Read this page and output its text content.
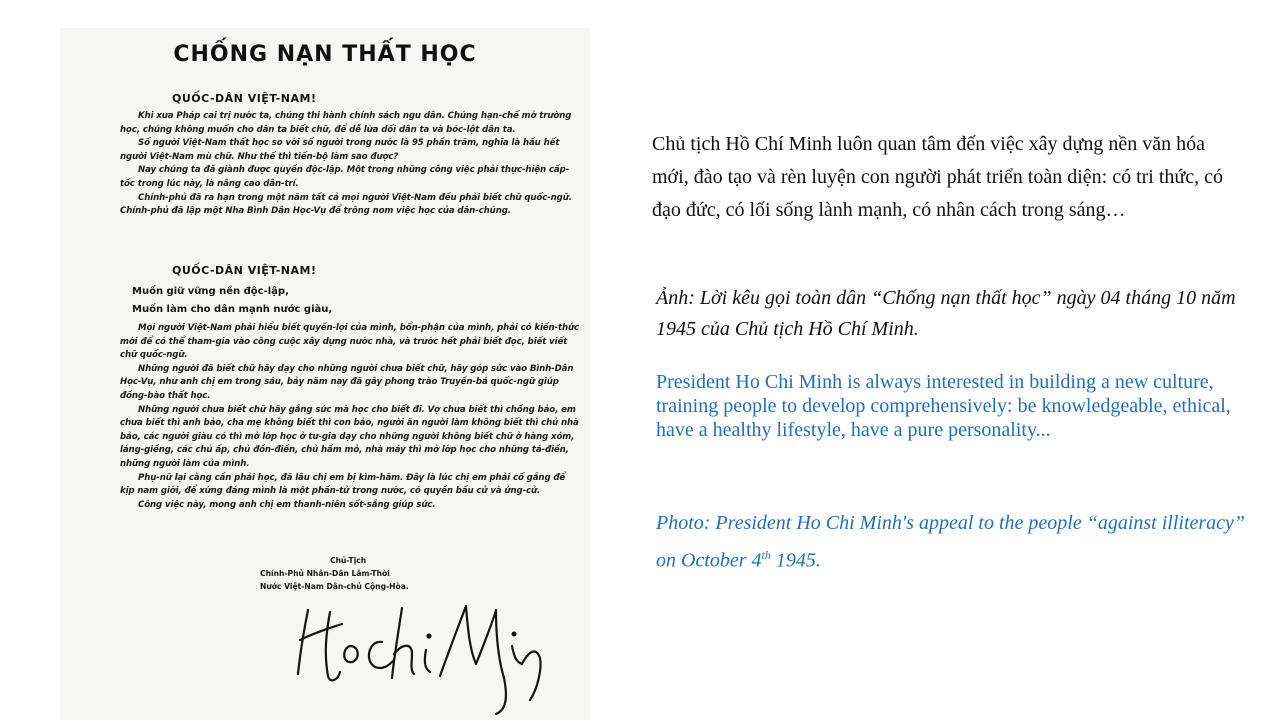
CHỐNG NẠN THẤT HỌC
QUỐC-DÂN VIỆT-NAM!

Khi xưa Pháp cai trị nước ta, chúng thi hành chính sách ngu dân. Chúng hạn-chế mở trường học, chúng không muốn cho dân ta biết chữ, để dễ lừa dối dân ta và bóc-lột dân ta.

Số người Việt-Nam thất học so với số người trong nước là 95 phần trăm, nghĩa là hầu hết người Việt-Nam mù chữ. Như thế thì tiến-bộ làm sao được?

Nay chúng ta đã giành được quyền độc-lập. Một trong những công việc phải thực-hiện cấp-tốc trong lúc này, là nâng cao dân-trí.

Chính-phủ đã ra hạn trong một năm tất cả mọi người Việt-Nam đều phải biết chữ quốc-ngữ. Chính-phủ đã lập một Nha Bình Dân Học-Vụ để trông nom việc học của dân-chúng.

QUỐC-DÂN VIỆT-NAM!
Muốn giữ vững nền độc-lập,
Muốn làm cho dân mạnh nước giàu,

Mọi người Việt-Nam phải hiểu biết quyền-lợi của mình, bổn-phận của mình, phải có kiến-thức mới để có thể tham-gia vào công cuộc xây dựng nước nhà, và trước hết phải biết đọc, biết viết chữ quốc-ngữ.

Những người đã biết chữ hãy dạy cho những người chưa biết chữ, hãy góp sức vào Bình-Dân Học-Vụ, như anh chị em trong sáu, bảy năm nay đã gây phong trào Truyền-bá quốc-ngữ giúp đồng-bào thất học.

Những người chưa biết chữ hãy gắng sức mà học cho biết đi. Vợ chưa biết thì chồng bảo, em chưa biết thì anh bảo, cha mẹ không biết thì con bảo, người ăn người làm không biết thì chủ nhà bảo, các người giàu có thì mở lớp học ở tư-gia dạy cho những người không biết chữ ở hàng xóm, láng-giềng, các chủ ấp, chủ đồn-điền, chủ hầm mỏ, nhà máy thì mở lớp học cho những tá-điền, những người làm của mình.

Phụ-nữ lại càng cần phải học, đã lâu chị em bị kìm-hãm. Đây là lúc chị em phải cố gắng để kịp nam giới, để xứng đáng mình là một phần-tử trong nước, có quyền bầu cử và ứng-cử.

Công việc này, mong anh chị em thanh-niên sốt-sắng giúp sức.

Chủ-Tịch
Chính-Phủ Nhân-Dân Lâm-Thời
Nước Việt-Nam Dân-chủ Cộng-Hòa.

Chủ tịch Hồ Chí Minh luôn quan tâm đến việc xây dựng nền văn hóa mới, đào tạo và rèn luyện con người phát triển toàn diện: có tri thức, có đạo đức, có lối sống lành mạnh, có nhân cách trong sáng…

Ảnh: Lời kêu gọi toàn dân “Chống nạn thất học” ngày 04 tháng 10 năm 1945 của Chủ tịch Hồ Chí Minh.

President Ho Chi Minh is always interested in building a new culture, training people to develop comprehensively: be knowledgeable, ethical, have a healthy lifestyle, have a pure personality...

Photo: President Ho Chi Minh's appeal to the people “against illiteracy” on October 4th 1945.
